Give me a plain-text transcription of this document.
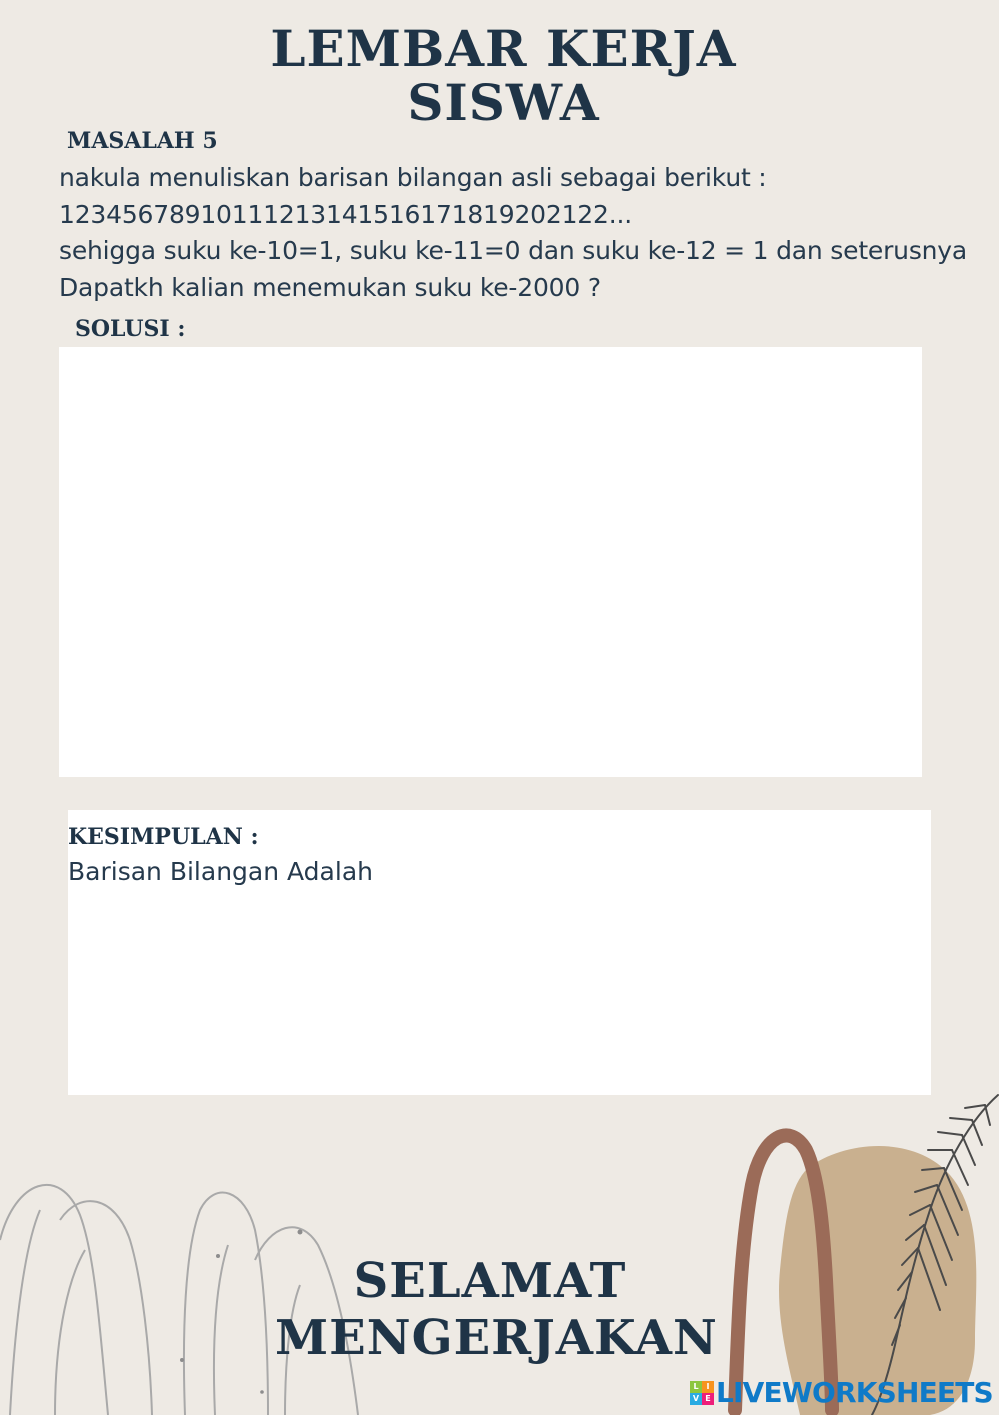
LEMBAR KERJA
SISWA
MASALAH 5
nakula menuliskan barisan bilangan asli sebagai berikut :
12345678910111213141516171819202122...
sehigga suku ke-10=1, suku ke-11=0 dan suku ke-12 = 1 dan seterusnya
Dapatkh kalian menemukan suku ke-2000 ?
SOLUSI :
KESIMPULAN :
Barisan Bilangan Adalah
SELAMAT
MENGERJAKAN
L I
V E LIVEWORKSHEETS
